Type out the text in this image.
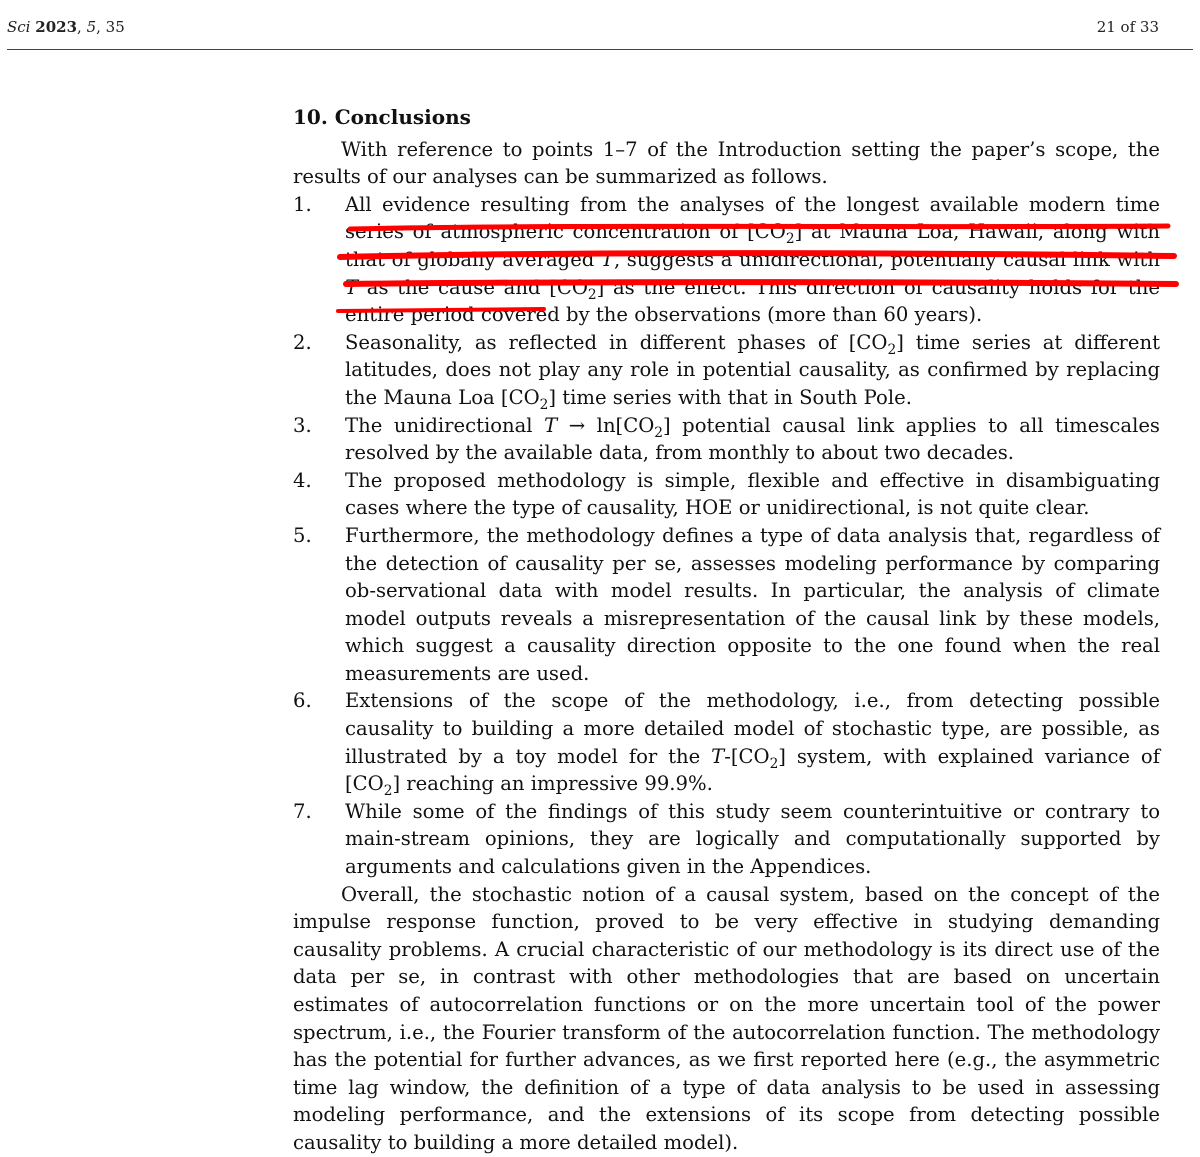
Sci 2023, 5, 35	21 of 33
10. Conclusions

With reference to points 1–7 of the Introduction setting the paper’s scope, the results of our analyses can be summarized as follows.

1. All evidence resulting from the analyses of the longest available modern time series of atmospheric concentration of $[CO_2]$ at Mauna Loa, Hawaii, along with that of globally averaged T, suggests a unidirectional, potentially causal link with T as the cause and $[CO_2]$ as the effect. This direction of causality holds for the entire period covered by the observations (more than 60 years).
2. Seasonality, as reflected in different phases of $[CO_2]$ time series at different latitudes, does not play any role in potential causality, as confirmed by replacing the Mauna Loa $[CO_2]$ time series with that in South Pole.
3. The unidirectional $T \to \ln[CO_2]$ potential causal link applies to all timescales resolved by the available data, from monthly to about two decades.
4. The proposed methodology is simple, flexible and effective in disambiguating cases where the type of causality, HOE or unidirectional, is not quite clear.
5. Furthermore, the methodology defines a type of data analysis that, regardless of the detection of causality per se, assesses modeling performance by comparing ob-servational data with model results. In particular, the analysis of climate model outputs reveals a misrepresentation of the causal link by these models, which suggest a causality direction opposite to the one found when the real measurements are used.
6. Extensions of the scope of the methodology, i.e., from detecting possible causality to building a more detailed model of stochastic type, are possible, as illustrated by a toy model for the $T-[CO_2]$ system, with explained variance of $[CO_2]$ reaching an impressive 99.9%.
7. While some of the findings of this study seem counterintuitive or contrary to main-stream opinions, they are logically and computationally supported by arguments and calculations given in the Appendices.

Overall, the stochastic notion of a causal system, based on the concept of the impulse response function, proved to be very effective in studying demanding causality problems. A crucial characteristic of our methodology is its direct use of the data per se, in contrast with other methodologies that are based on uncertain estimates of autocorrelation functions or on the more uncertain tool of the power spectrum, i.e., the Fourier transform of the autocorrelation function. The methodology has the potential for further advances, as we first reported here (e.g., the asymmetric time lag window, the definition of a type of data analysis to be used in assessing modeling performance, and the extensions of its scope from detecting possible causality to building a more detailed model).
